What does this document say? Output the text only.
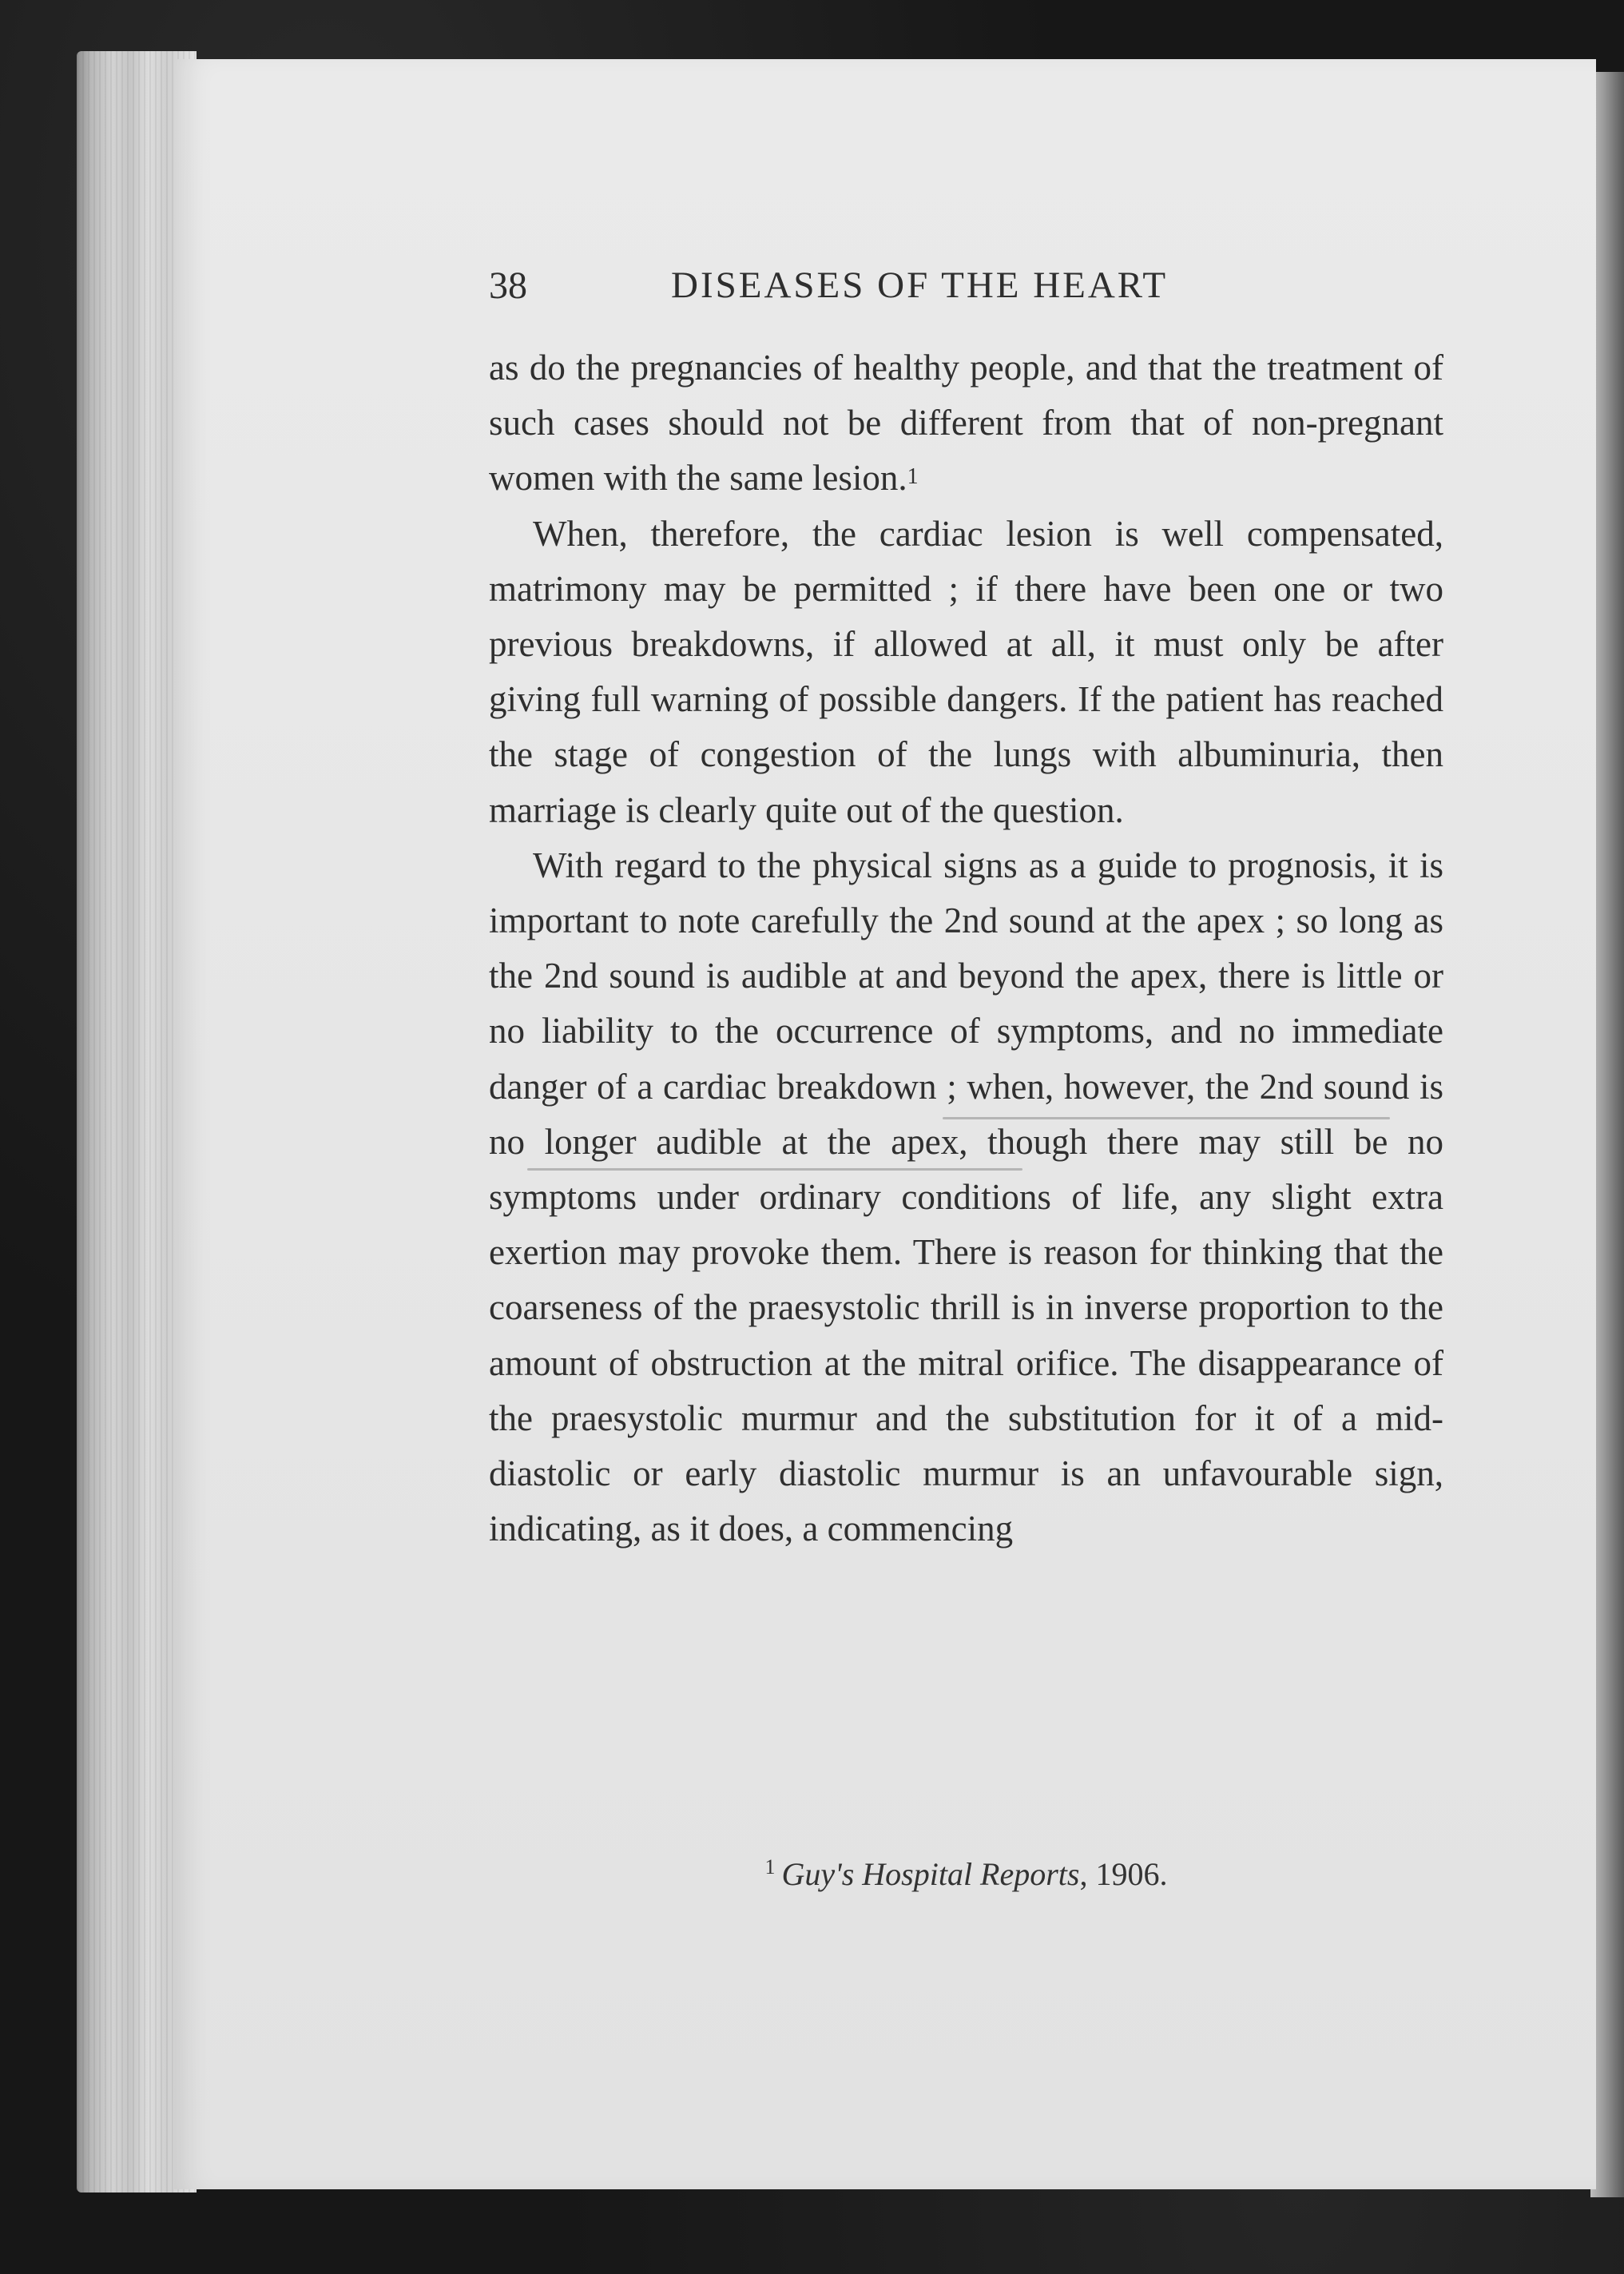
38	DISEASES OF THE HEART

as do the pregnancies of healthy people, and that the treatment of such cases should not be different from that of non-pregnant women with the same lesion.$^1$

When, therefore, the cardiac lesion is well compensated, matrimony may be permitted ; if there have been one or two previous breakdowns, if allowed at all, it must only be after giving full warning of possible dangers. If the patient has reached the stage of congestion of the lungs with albuminuria, then marriage is clearly quite out of the question.

With regard to the physical signs as a guide to prognosis, it is important to note carefully the 2nd sound at the apex ; so long as the 2nd sound is audible at and beyond the apex, there is little or no liability to the occurrence of symptoms, and no immediate danger of a cardiac breakdown ; when, however, the 2nd sound is no longer audible at the apex, though there may still be no symptoms under ordinary conditions of life, any slight extra exertion may provoke them. There is reason for thinking that the coarseness of the praesystolic thrill is in inverse proportion to the amount of obstruction at the mitral orifice. The disappearance of the praesystolic murmur and the substitution for it of a mid-diastolic or early diastolic murmur is an unfavourable sign, indicating, as it does, a commencing

$^1$ Guy's Hospital Reports, 1906.
